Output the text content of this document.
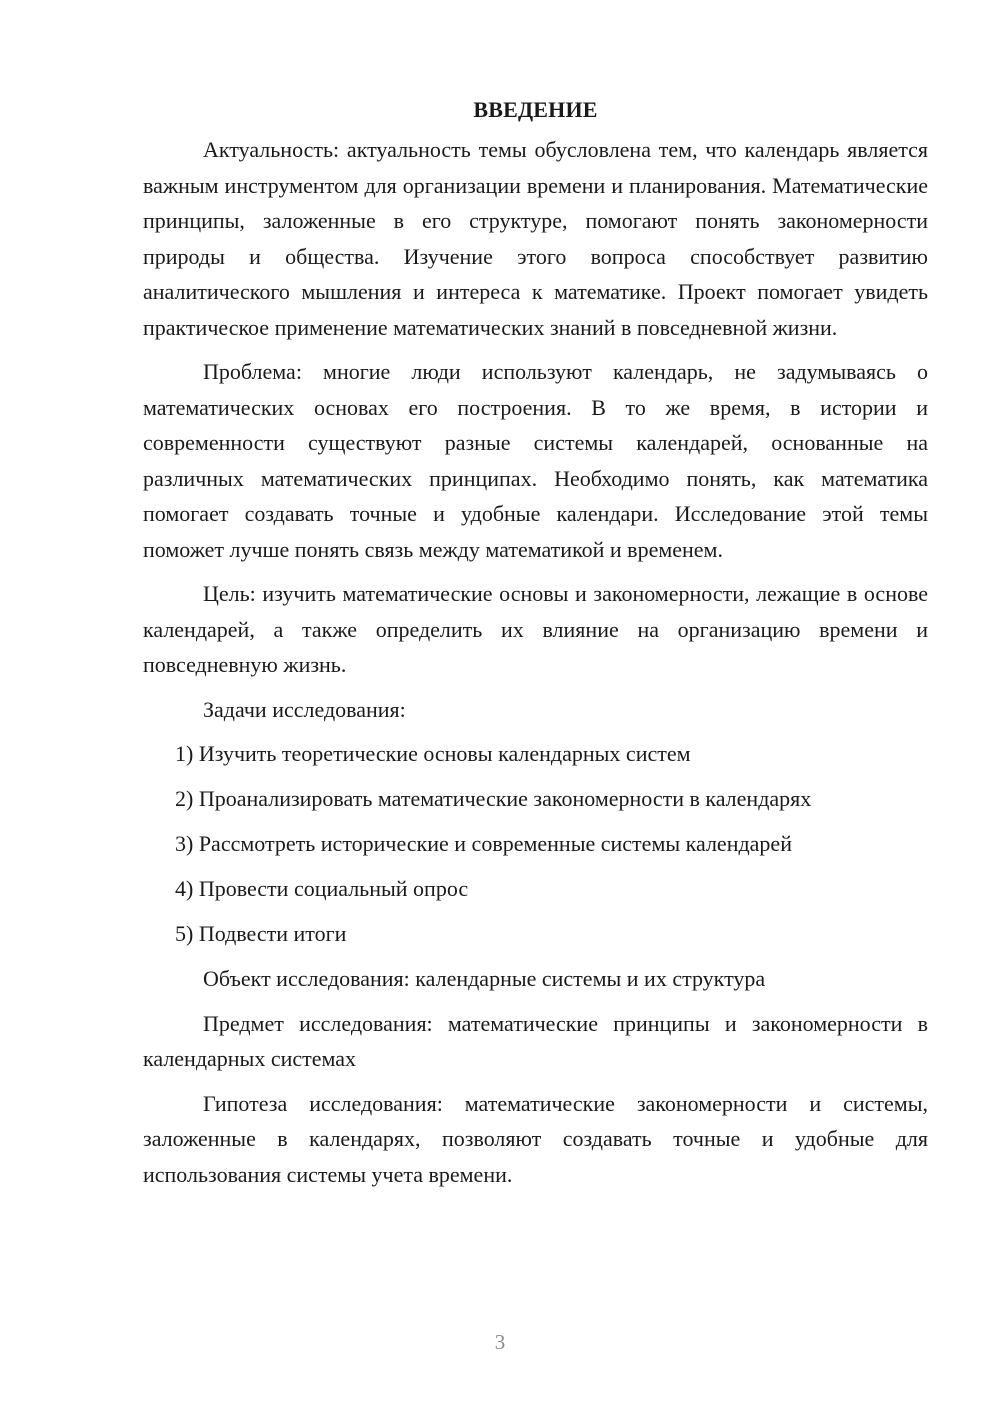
ВВЕДЕНИЕ

Актуальность: актуальность темы обусловлена тем, что календарь является важным инструментом для организации времени и планирования. Математические принципы, заложенные в его структуре, помогают понять закономерности природы и общества. Изучение этого вопроса способствует развитию аналитического мышления и интереса к математике. Проект помогает увидеть практическое применение математических знаний в повседневной жизни.

Проблема: многие люди используют календарь, не задумываясь о математических основах его построения. В то же время, в истории и современности существуют разные системы календарей, основанные на различных математических принципах. Необходимо понять, как математика помогает создавать точные и удобные календари. Исследование этой темы поможет лучше понять связь между математикой и временем.

Цель: изучить математические основы и закономерности, лежащие в основе календарей, а также определить их влияние на организацию времени и повседневную жизнь.

Задачи исследования:

1) Изучить теоретические основы календарных систем
2) Проанализировать математические закономерности в календарях
3) Рассмотреть исторические и современные системы календарей
4) Провести социальный опрос
5) Подвести итоги

Объект исследования: календарные системы и их структура

Предмет исследования: математические принципы и закономерности в календарных системах

Гипотеза исследования: математические закономерности и системы, заложенные в календарях, позволяют создавать точные и удобные для использования системы учета времени.

3
